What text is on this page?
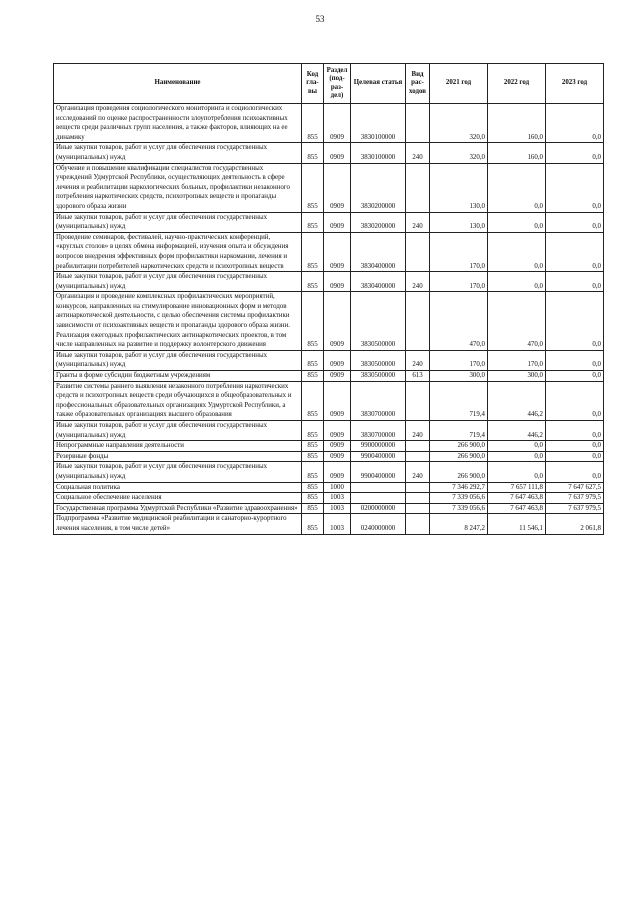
53
Наименование	Код гла-вы	Раздел (под-раз-дел)	Целевая статья	Вид рас-ходов	2021 год	2022 год	2023 год
Организация проведения социологического мониторинга и социологических исследований по оценке распространенности злоупотребления психоактивных веществ среди различных групп населения, а также факторов, влияющих на ее динамику	855	0909	3830100000		320,0	160,0	0,0
Иные закупки товаров, работ и услуг для обеспечения государственных (муниципальных) нужд	855	0909	3830100000	240	320,0	160,0	0,0
Обучение и повышение квалификации специалистов государственных учреждений Удмуртской Республики, осуществляющих деятельность в сфере лечения и реабилитации наркологических больных, профилактики незаконного потребления наркотических средств, психотропных веществ и пропаганды здорового образа жизни	855	0909	3830200000		130,0	0,0	0,0
Иные закупки товаров, работ и услуг для обеспечения государственных (муниципальных) нужд	855	0909	3830200000	240	130,0	0,0	0,0
Проведение семинаров, фестивалей, научно-практических конференций, «круглых столов» в целях обмена информацией, изучения опыта и обсуждения вопросов внедрения эффективных форм профилактики наркомании, лечения и реабилитации потребителей наркотических средств и психотропных веществ	855	0909	3830400000		170,0	0,0	0,0
Иные закупки товаров, работ и услуг для обеспечения государственных (муниципальных) нужд	855	0909	3830400000	240	170,0	0,0	0,0
Организация и проведение комплексных профилактических мероприятий, конкурсов, направленных на стимулирование инновационных форм и методов антинаркотической деятельности, с целью обеспечения системы профилактики зависимости от психоактивных веществ и пропаганды здорового образа жизни. Реализация ежегодных профилактических антинаркотических проектов, в том числе направленных на развитие и поддержку волонтерского движения	855	0909	3830500000		470,0	470,0	0,0
Иные закупки товаров, работ и услуг для обеспечения государственных (муниципальных) нужд	855	0909	3830500000	240	170,0	170,0	0,0
Гранты в форме субсидии бюджетным учреждениям	855	0909	3830500000	613	300,0	300,0	0,0
Развитие системы раннего выявления незаконного потребления наркотических средств и психотропных веществ среди обучающихся в общеобразовательных и профессиональных образовательных организациях Удмуртской Республики, а также образовательных организациях высшего образования	855	0909	3830700000		719,4	446,2	0,0
Иные закупки товаров, работ и услуг для обеспечения государственных (муниципальных) нужд	855	0909	3830700000	240	719,4	446,2	0,0
Непрограммные направления деятельности	855	0909	9900000000		266 900,0	0,0	0,0
Резервные фонды	855	0909	9900400000		266 900,0	0,0	0,0
Иные закупки товаров, работ и услуг для обеспечения государственных (муниципальных) нужд	855	0909	9900400000	240	266 900,0	0,0	0,0
Социальная политика	855	1000			7 346 292,7	7 657 111,8	7 647 627,5
Социальное обеспечение населения	855	1003			7 339 056,6	7 647 463,8	7 637 979,5
Государственная программа Удмуртской Республики «Развитие здравоохранения»	855	1003	0200000000		7 339 056,6	7 647 463,8	7 637 979,5
Подпрограмма «Развитие медицинской реабилитации и санаторно-курортного лечения населения, в том числе детей»	855	1003	0240000000		8 247,2	11 546,1	2 061,8
